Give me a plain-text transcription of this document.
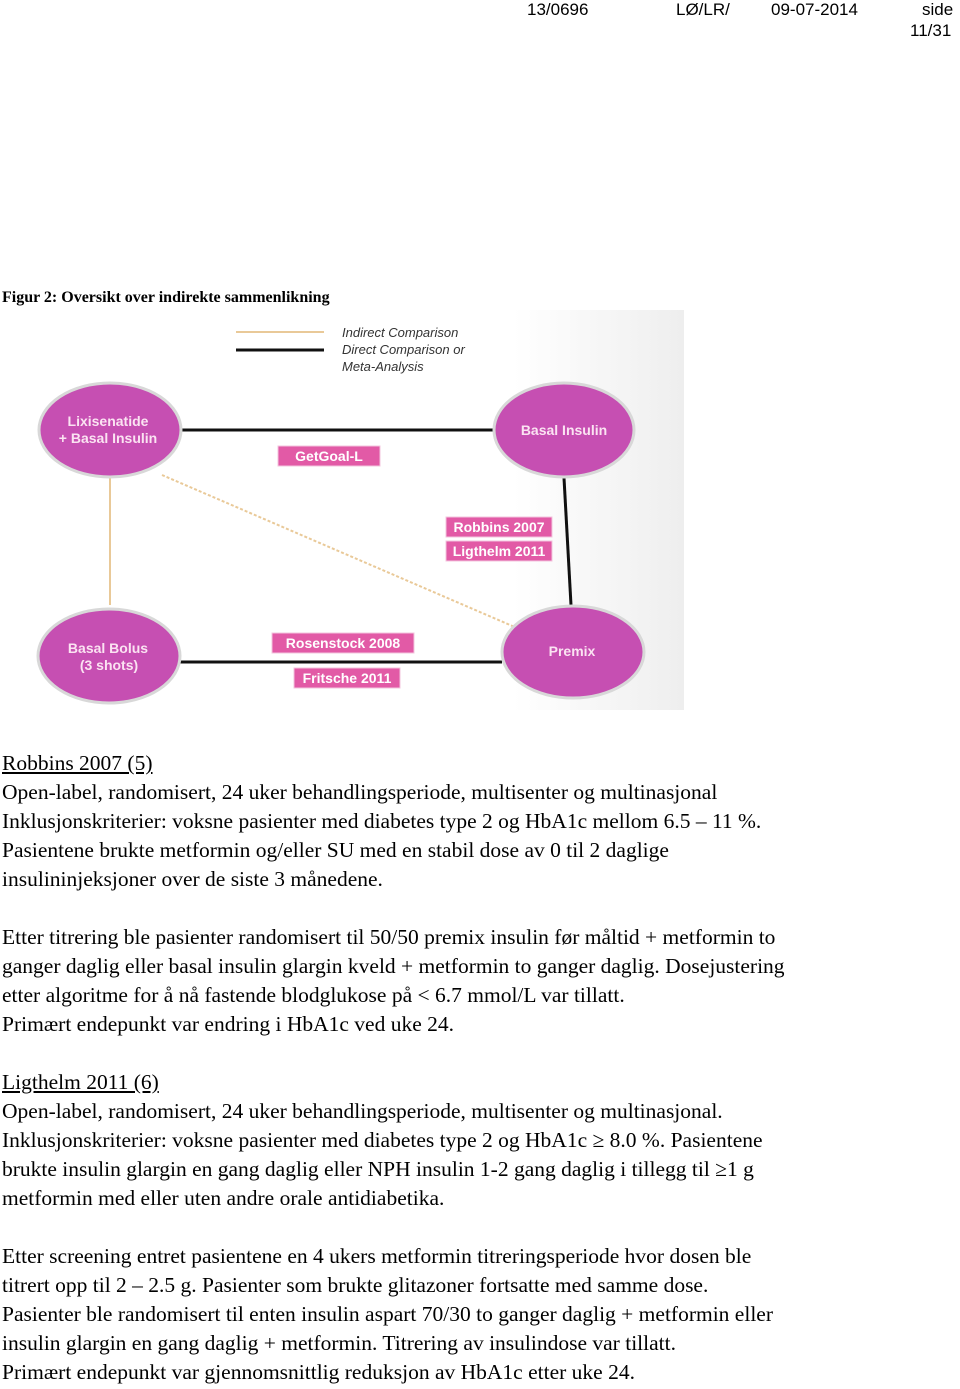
13/0696	LØ/LR/ 09-07-2014	side
11/31
Figur 2: Oversikt over indirekte sammenlikning
Indirect Comparison
Direct Comparison or
Meta-Analysis
Lixisenatide
+ Basal Insulin	Basal Insulin
Basal Bolus
(3 shots)
Premix
GetGoal-L
Robbins 2007
Ligthelm 2011
Rosenstock 2008
Fritsche 2011

Robbins 2007 (5)

Open-label, randomisert, 24 uker behandlingsperiode, multisenter og multinasjonal

Inklusjonskriterier: voksne pasienter med diabetes type 2 og HbA1c mellom 6.5 – 11 %.

Pasientene brukte metformin og/eller SU med en stabil dose av 0 til 2 daglige

insulininjeksjoner over de siste 3 månedene.

Etter titrering ble pasienter randomisert til 50/50 premix insulin før måltid + metformin to

ganger daglig eller basal insulin glargin kveld + metformin to ganger daglig. Dosejustering

etter algoritme for å nå fastende blodglukose på < 6.7 mmol/L var tillatt.

Primært endepunkt var endring i HbA1c ved uke 24.

Ligthelm 2011 (6)

Open-label, randomisert, 24 uker behandlingsperiode, multisenter og multinasjonal.

Inklusjonskriterier: voksne pasienter med diabetes type 2 og HbA1c ≥ 8.0 %. Pasientene

brukte insulin glargin en gang daglig eller NPH insulin 1-2 gang daglig i tillegg til ≥1 g

metformin med eller uten andre orale antidiabetika.

Etter screening entret pasientene en 4 ukers metformin titreringsperiode hvor dosen ble

titrert opp til 2 – 2.5 g. Pasienter som brukte glitazoner fortsatte med samme dose.

Pasienter ble randomisert til enten insulin aspart 70/30 to ganger daglig + metformin eller

insulin glargin en gang daglig + metformin. Titrering av insulindose var tillatt.

Primært endepunkt var gjennomsnittlig reduksjon av HbA1c etter uke 24.
